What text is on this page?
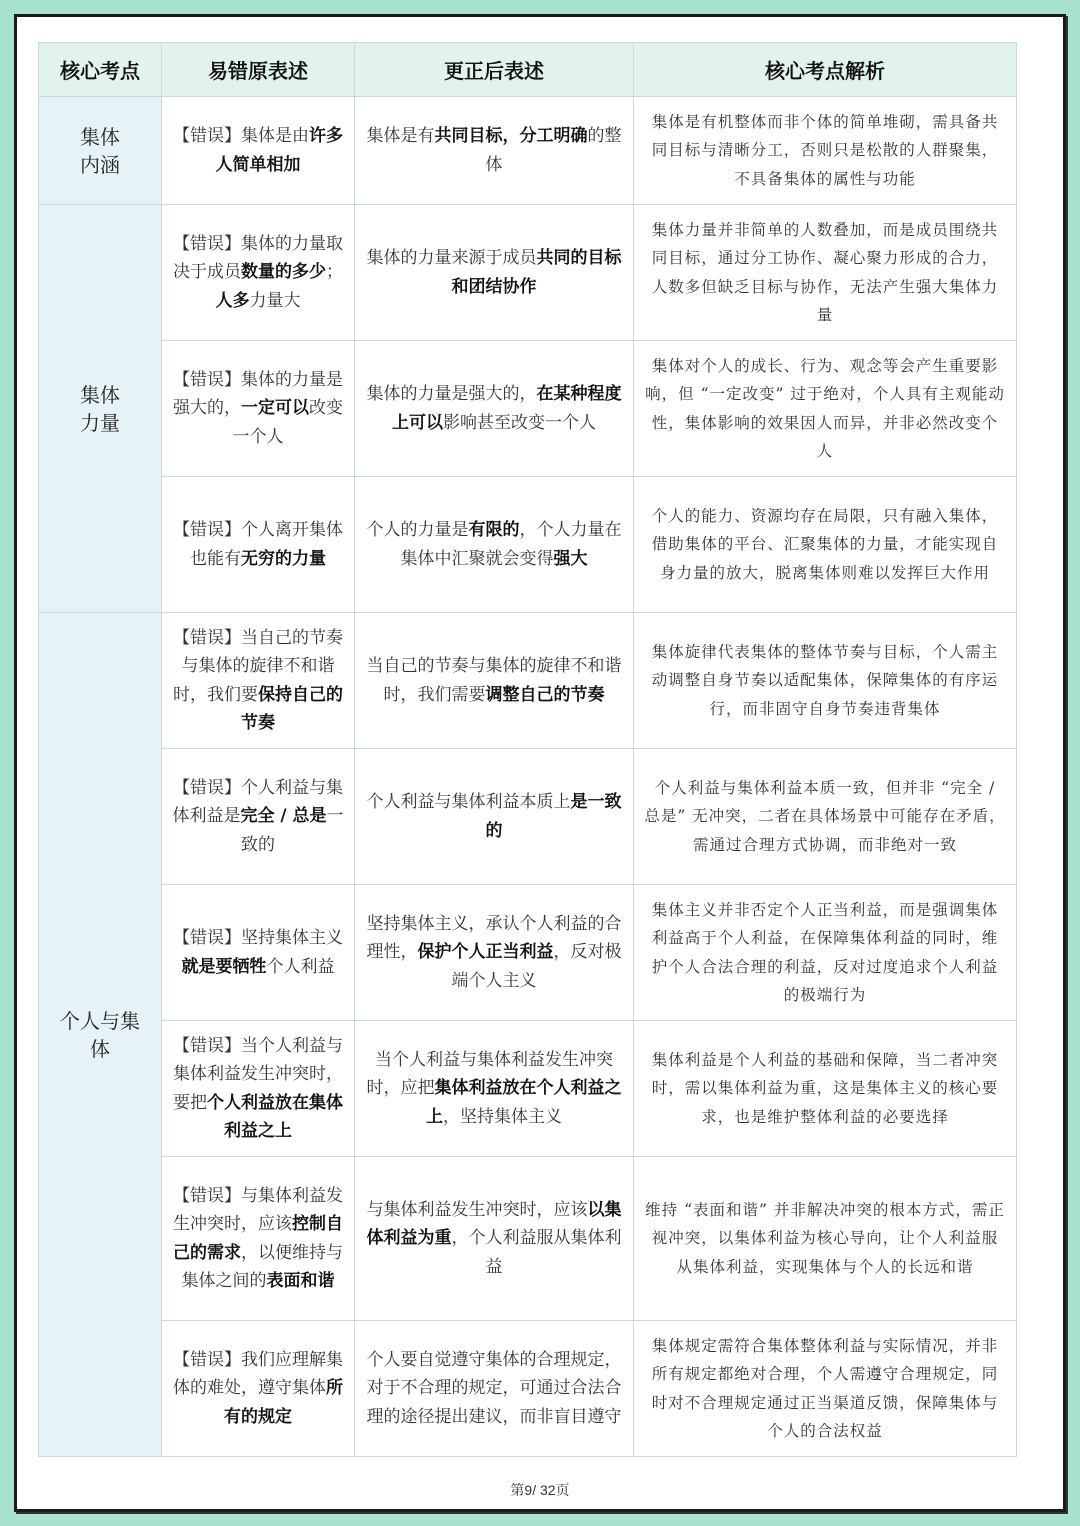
核心考点	易错原表述	更正后表述	核心考点解析
集体
内涵	【错误】集体是由许多人简单相加	集体是有共同目标，分工明确的整体	集体是有机整体而非个体的简单堆砌，需具备共同目标与清晰分工，否则只是松散的人群聚集，不具备集体的属性与功能
集体
力量	【错误】集体的力量取决于成员数量的多少；人多力量大	集体的力量来源于成员共同的目标和团结协作	集体力量并非简单的人数叠加，而是成员围绕共同目标，通过分工协作、凝心聚力形成的合力，人数多但缺乏目标与协作，无法产生强大集体力量
	【错误】集体的力量是强大的，一定可以改变一个人	集体的力量是强大的，在某种程度上可以影响甚至改变一个人	集体对个人的成长、行为、观念等会产生重要影响，但 “一定改变” 过于绝对，个人具有主观能动性，集体影响的效果因人而异，并非必然改变个人
	【错误】个人离开集体也能有无穷的力量	个人的力量是有限的，个人力量在集体中汇聚就会变得强大	个人的能力、资源均存在局限，只有融入集体，借助集体的平台、汇聚集体的力量，才能实现自身力量的放大，脱离集体则难以发挥巨大作用
个人与集
体	【错误】当自己的节奏与集体的旋律不和谐时，我们要保持自己的节奏	当自己的节奏与集体的旋律不和谐时，我们需要调整自己的节奏	集体旋律代表集体的整体节奏与目标，个人需主动调整自身节奏以适配集体，保障集体的有序运行，而非固守自身节奏违背集体
	【错误】个人利益与集体利益是完全 / 总是一致的	个人利益与集体利益本质上是一致的	个人利益与集体利益本质一致，但并非 “完全 / 总是” 无冲突，二者在具体场景中可能存在矛盾，需通过合理方式协调，而非绝对一致
	【错误】坚持集体主义就是要牺牲个人利益	坚持集体主义，承认个人利益的合理性，保护个人正当利益，反对极端个人主义	集体主义并非否定个人正当利益，而是强调集体利益高于个人利益，在保障集体利益的同时，维护个人合法合理的利益，反对过度追求个人利益的极端行为
	【错误】当个人利益与集体利益发生冲突时，要把个人利益放在集体利益之上	当个人利益与集体利益发生冲突时，应把集体利益放在个人利益之上，坚持集体主义	集体利益是个人利益的基础和保障，当二者冲突时，需以集体利益为重，这是集体主义的核心要求，也是维护整体利益的必要选择
	【错误】与集体利益发生冲突时，应该控制自己的需求，以便维持与集体之间的表面和谐	与集体利益发生冲突时，应该以集体利益为重，个人利益服从集体利益	维持 “表面和谐” 并非解决冲突的根本方式，需正视冲突，以集体利益为核心导向，让个人利益服从集体利益，实现集体与个人的长远和谐
	【错误】我们应理解集体的难处，遵守集体所有的规定	个人要自觉遵守集体的合理规定，对于不合理的规定，可通过合法合理的途径提出建议，而非盲目遵守	集体规定需符合集体整体利益与实际情况，并非所有规定都绝对合理，个人需遵守合理规定，同时对不合理规定通过正当渠道反馈，保障集体与个人的合法权益
第9/ 32页
